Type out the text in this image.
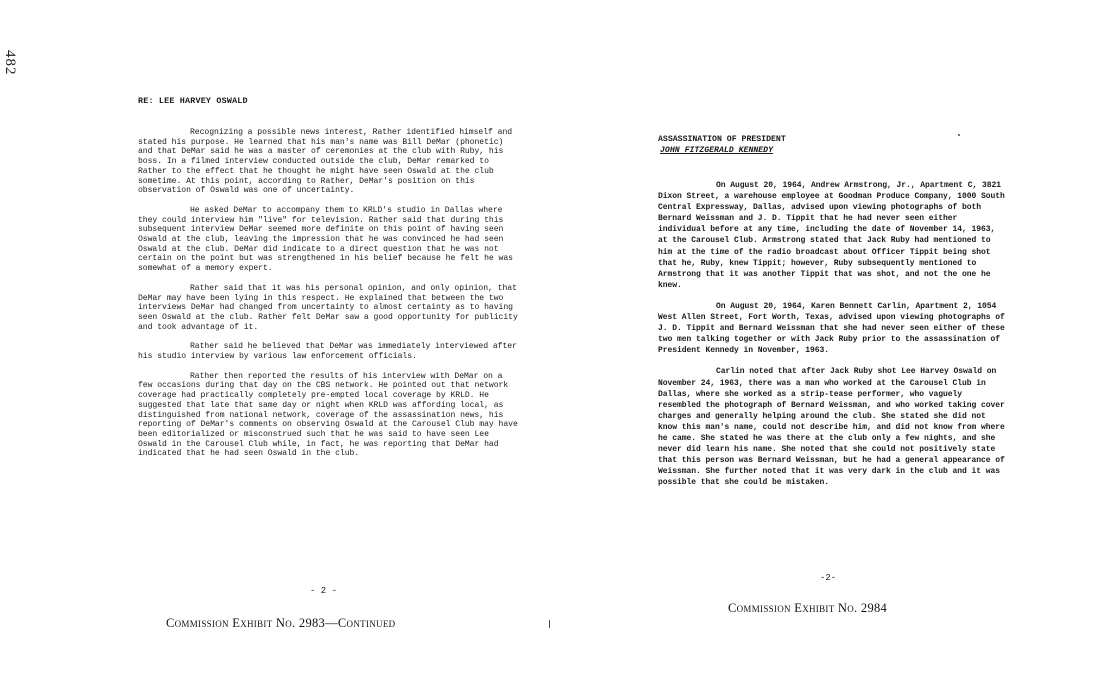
482
RE: LEE HARVEY OSWALD

Recognizing a possible news interest, Rather identified himself and stated his purpose. He learned that his man's name was Bill DeMar (phonetic) and that DeMar said he was a master of ceremonies at the club with Ruby, his boss. In a filmed interview conducted outside the club, DeMar remarked to Rather to the effect that he thought he might have seen Oswald at the club sometime. At this point, according to Rather, DeMar's position on this observation of Oswald was one of uncertainty.

He asked DeMar to accompany them to KRLD's studio in Dallas where they could interview him "live" for television. Rather said that during this subsequent interview DeMar seemed more definite on this point of having seen Oswald at the club, leaving the impression that he was convinced he had seen Oswald at the club. DeMar did indicate to a direct question that he was not certain on the point but was strengthened in his belief because he felt he was somewhat of a memory expert.

Rather said that it was his personal opinion, and only opinion, that DeMar may have been lying in this respect. He explained that between the two interviews DeMar had changed from uncertainty to almost certainty as to having seen Oswald at the club. Rather felt DeMar saw a good opportunity for publicity and took advantage of it.

Rather said he believed that DeMar was immediately interviewed after his studio interview by various law enforcement officials.

Rather then reported the results of his interview with DeMar on a few occasions during that day on the CBS network. He pointed out that network coverage had practically completely pre-empted local coverage by KRLD. He suggested that late that same day or night when KRLD was affording local, as distinguished from national network, coverage of the assassination news, his reporting of DeMar's comments on observing Oswald at the Carousel Club may have been editorialized or misconstrued such that he was said to have seen Lee Oswald in the Carousel Club while, in fact, he was reporting that DeMar had indicated that he had seen Oswald in the club.

- 2 -
Commission Exhibit No. 2983—Continued
ASSASSINATION OF PRESIDENT
JOHN FITZGERALD KENNEDY

On August 20, 1964, Andrew Armstrong, Jr., Apartment C, 3821 Dixon Street, a warehouse employee at Goodman Produce Company, 1000 South Central Expressway, Dallas, advised upon viewing photographs of both Bernard Weissman and J. D. Tippit that he had never seen either individual before at any time, including the date of November 14, 1963, at the Carousel Club. Armstrong stated that Jack Ruby had mentioned to him at the time of the radio broadcast about Officer Tippit being shot that he, Ruby, knew Tippit; however, Ruby subsequently mentioned to Armstrong that it was another Tippit that was shot, and not the one he knew.

On August 20, 1964, Karen Bennett Carlin, Apartment 2, 1054 West Allen Street, Fort Worth, Texas, advised upon viewing photographs of J. D. Tippit and Bernard Weissman that she had never seen either of these two men talking together or with Jack Ruby prior to the assassination of President Kennedy in November, 1963.

Carlin noted that after Jack Ruby shot Lee Harvey Oswald on November 24, 1963, there was a man who worked at the Carousel Club in Dallas, where she worked as a strip-tease performer, who vaguely resembled the photograph of Bernard Weissman, and who worked taking cover charges and generally helping around the club. She stated she did not know this man's name, could not describe him, and did not know from where he came. She stated he was there at the club only a few nights, and she never did learn his name. She noted that she could not positively state that this person was Bernard Weissman, but he had a general appearance of Weissman. She further noted that it was very dark in the club and it was possible that she could be mistaken.

-2-
Commission Exhibit No. 2984
